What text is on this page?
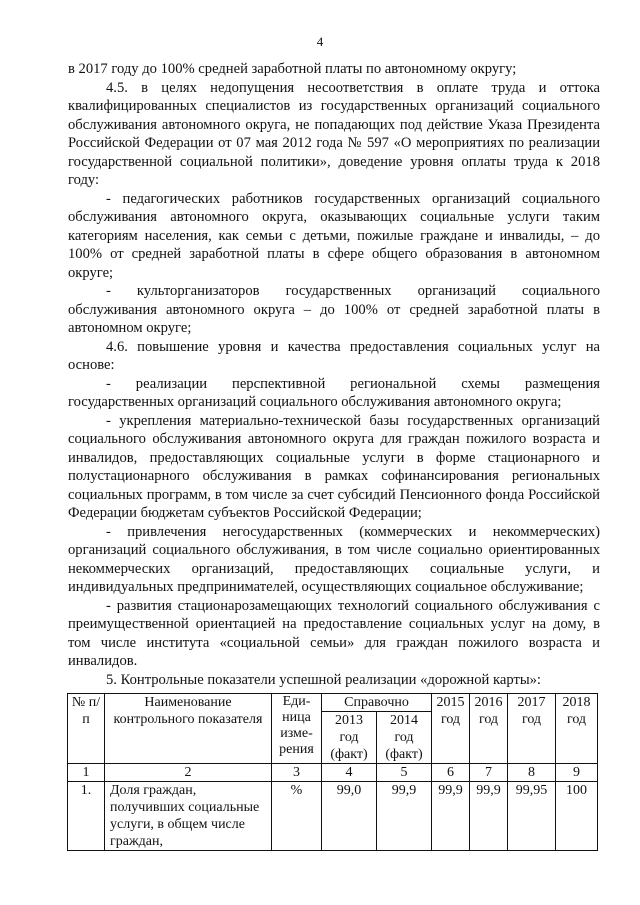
4

в 2017 году до 100% средней заработной платы по автономному округу;

4.5. в целях недопущения несоответствия в оплате труда и оттока квалифицированных специалистов из государственных организаций социального обслуживания автономного округа, не попадающих под действие Указа Президента Российской Федерации от 07 мая 2012 года № 597 «О мероприятиях по реализации государственной социальной политики», доведение уровня оплаты труда к 2018 году:

- педагогических работников государственных организаций социального обслуживания автономного округа, оказывающих социальные услуги таким категориям населения, как семьи с детьми, пожилые граждане и инвалиды, – до 100% от средней заработной платы в сфере общего образования в автономном округе;

- культорганизаторов государственных организаций социального обслуживания автономного округа – до 100% от средней заработной платы в автономном округе;

4.6. повышение уровня и качества предоставления социальных услуг на основе:

- реализации перспективной региональной схемы размещения государственных организаций социального обслуживания автономного округа;

- укрепления материально-технической базы государственных организаций социального обслуживания автономного округа для граждан пожилого возраста и инвалидов, предоставляющих социальные услуги в форме стационарного и полустационарного обслуживания в рамках софинансирования региональных социальных программ, в том числе за счет субсидий Пенсионного фонда Российской Федерации бюджетам субъектов Российской Федерации;

- привлечения негосударственных (коммерческих и некоммерческих) организаций социального обслуживания, в том числе социально ориентированных некоммерческих организаций, предоставляющих социальные услуги, и индивидуальных предпринимателей, осуществляющих социальное обслуживание;

- развития стационарозамещающих технологий социального обслуживания с преимущественной ориентацией на предоставление социальных услуг на дому, в том числе института «социальной семьи» для граждан пожилого возраста и инвалидов.

5. Контрольные показатели успешной реализации «дорожной карты»:

№ п/п	Наименование контрольного показателя	Еди-ница изме-рения	Справочно		2015 год	2016 год	2017 год	2018 год
			2013 год (факт)	2014 год (факт)				
1	2	3	4	5	6	7	8	9
1.	Доля граждан, получивших социальные услуги, в общем числе граждан,	%	99,0	99,9	99,9	99,9	99,95	100
